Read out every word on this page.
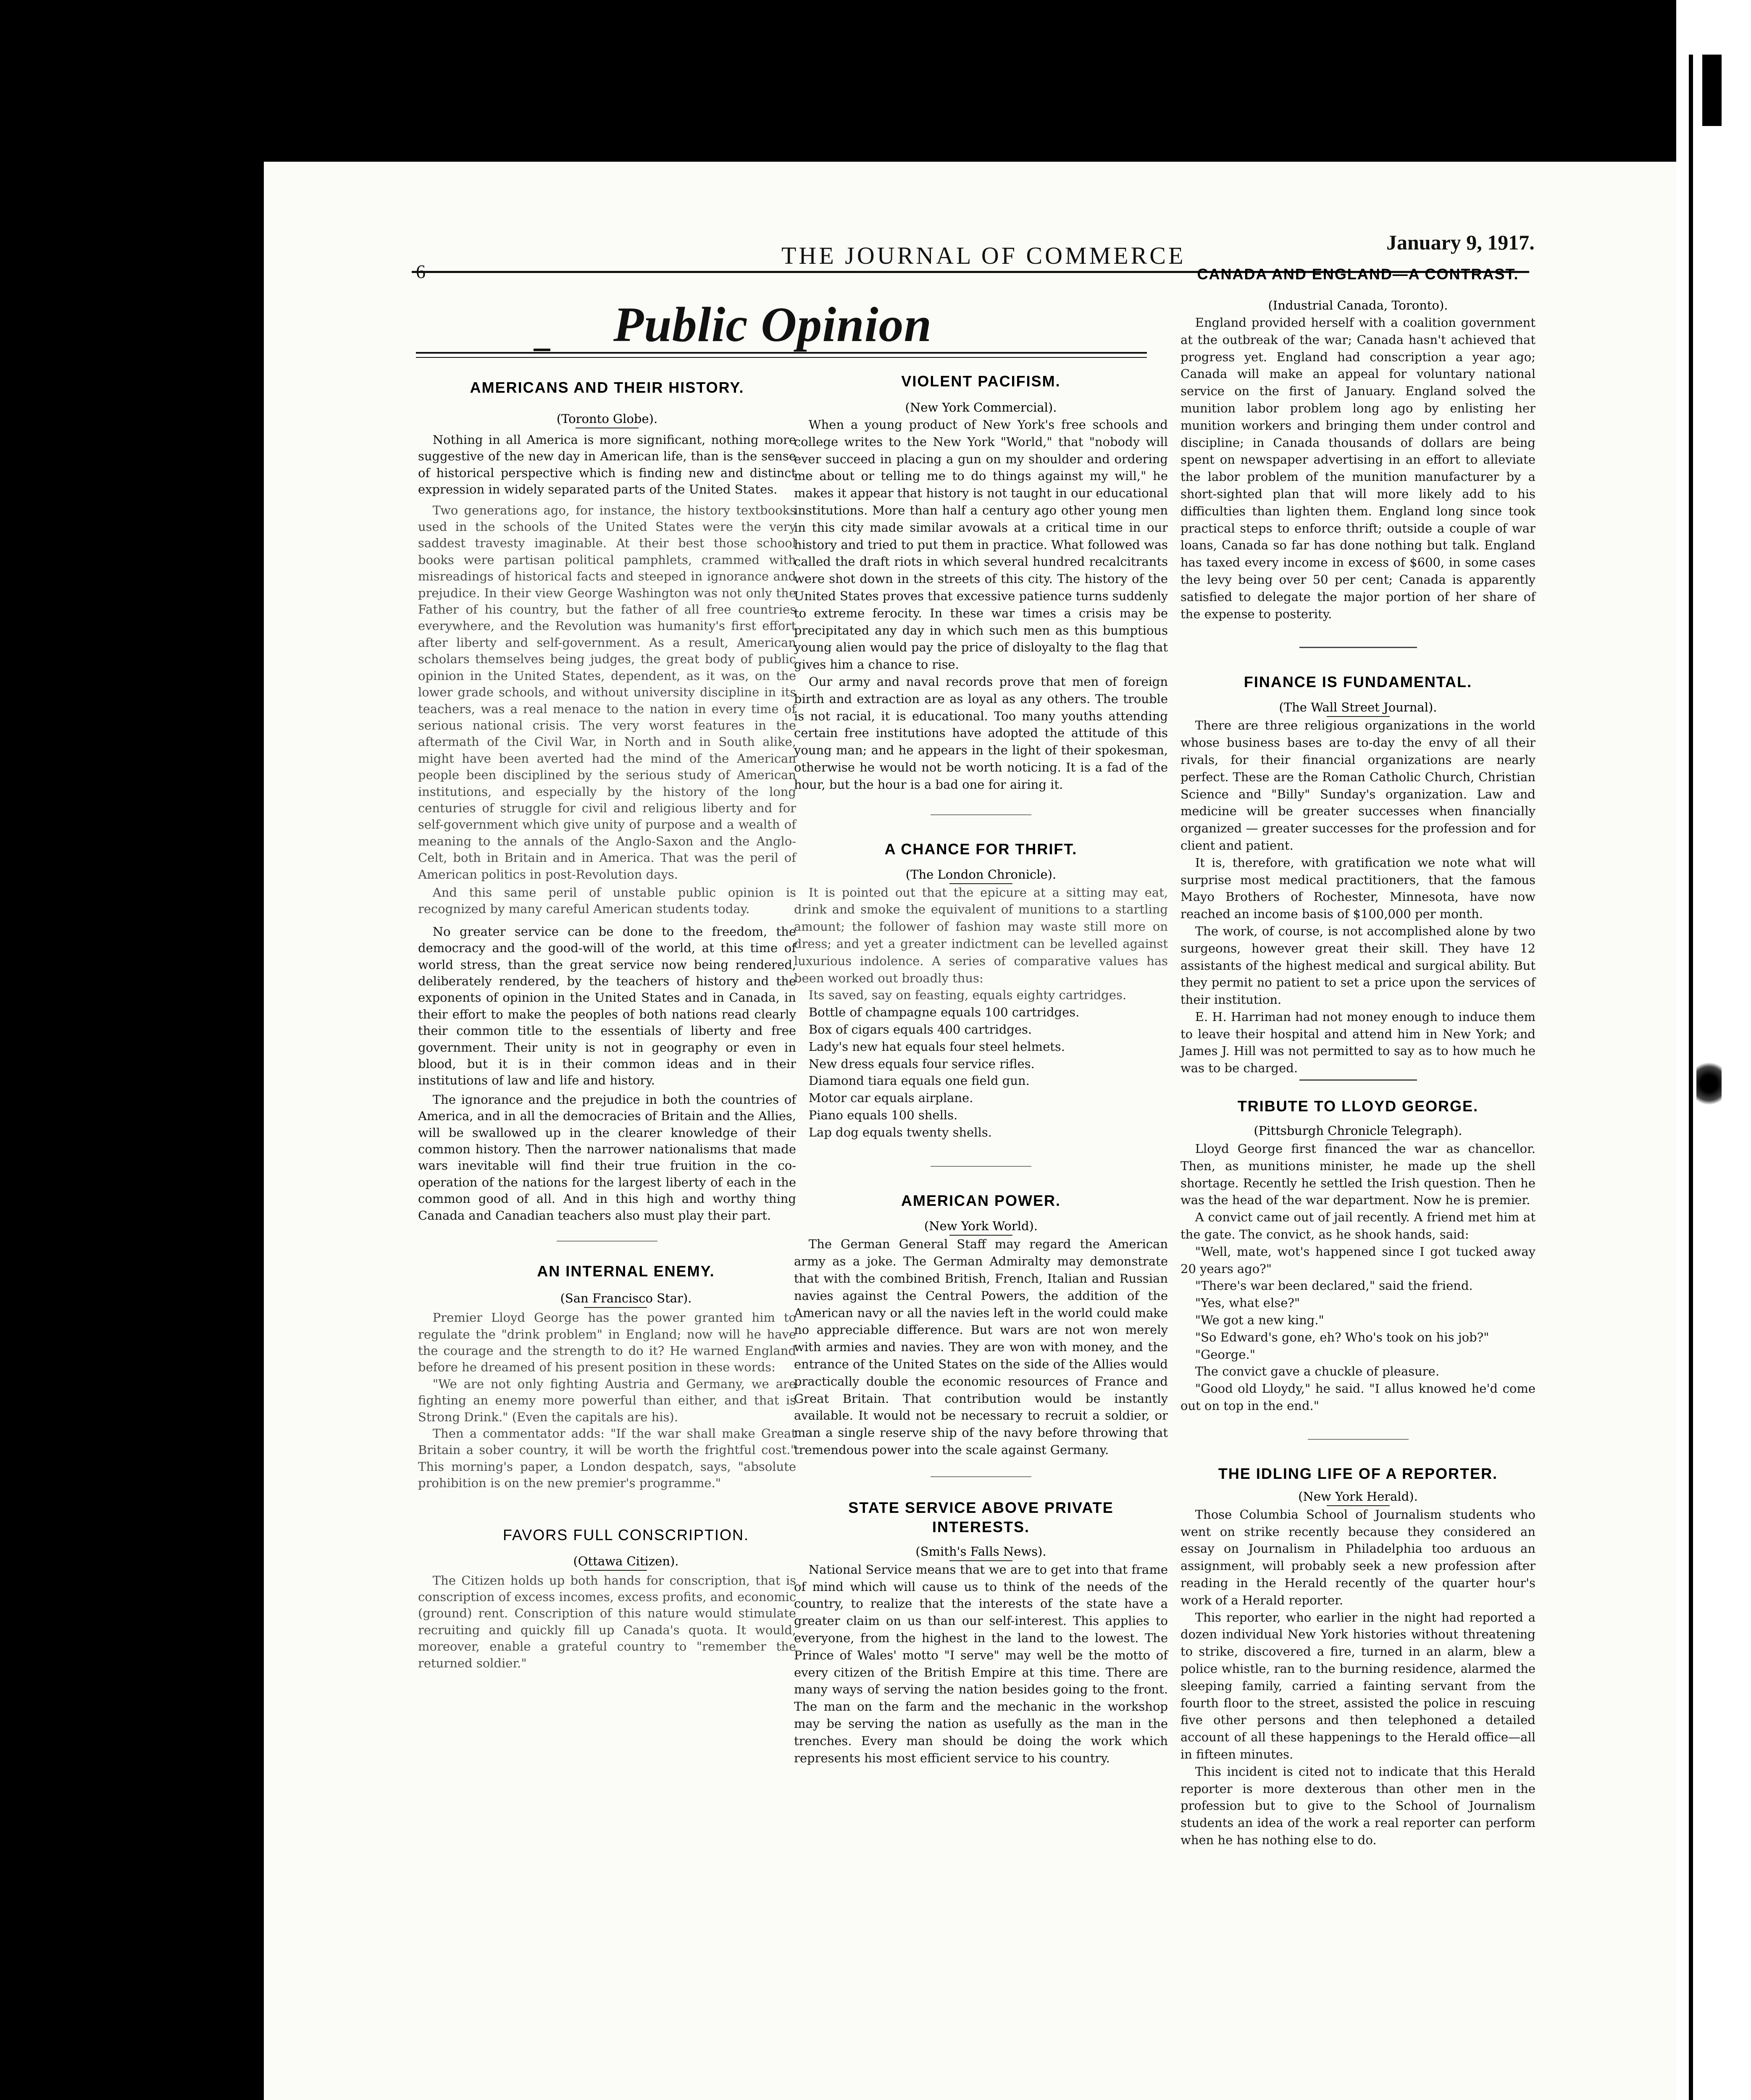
THE JOURNAL OF COMMERCE	January 9, 1917.
Public Opinion
AMERICANS AND THEIR HISTORY.

(Toronto Globe).

Nothing in all America is more significant, nothing more suggestive of the new day in American life, than is the sense of historical perspective which is finding new and distinct expression in widely separated parts of the United States.

Two generations ago, for instance, the history textbooks used in the schools of the United States were the very saddest travesty imaginable. At their best those school books were partisan political pamphlets, crammed with misreadings of historical facts and steeped in ignorance and prejudice. In their view George Washington was not only the Father of his country, but the father of all free countries everywhere, and the Revolution was humanity's first effort after liberty and self-government. As a result, American scholars themselves being judges, the great body of public opinion in the United States, dependent, as it was, on the lower grade schools, and without university discipline in its teachers, was a real menace to the nation in every time of serious national crisis. The very worst features in the aftermath of the Civil War, in North and in South alike, might have been averted had the mind of the American people been disciplined by the serious study of American institutions, and especially by the history of the long centuries of struggle for civil and religious liberty and for self-government which give unity of purpose and a wealth of meaning to the annals of the Anglo-Saxon and the Anglo-Celt, both in Britain and in America. That was the peril of American politics in post-Revolution days.

And this same peril of unstable public opinion is recognized by many careful American students today.

No greater service can be done to the freedom, the democracy and the good-will of the world, at this time of world stress, than the great service now being rendered, deliberately rendered, by the teachers of history and the exponents of opinion in the United States and in Canada, in their effort to make the peoples of both nations read clearly their common title to the essentials of liberty and free government. Their unity is not in geography or even in blood, but it is in their common ideas and in their institutions of law and life and history.

The ignorance and the prejudice in both the countries of America, and in all the democracies of Britain and the Allies, will be swallowed up in the clearer knowledge of their common history. Then the narrower nationalisms that made wars inevitable will find their true fruition in the co-operation of the nations for the largest liberty of each in the common good of all. And in this high and worthy thing Canada and Canadian teachers also must play their part.

AN INTERNAL ENEMY.

(San Francisco Star).

Premier Lloyd George has the power granted him to regulate the "drink problem" in England; now will he have the courage and the strength to do it? He warned England before he dreamed of his present position in these words:

"We are not only fighting Austria and Germany, we are fighting an enemy more powerful than either, and that is Strong Drink." (Even the capitals are his).

Then a commentator adds: "If the war shall make Great Britain a sober country, it will be worth the frightful cost." This morning's paper, a London despatch, says, "absolute prohibition is on the new premier's programme."

FAVORS FULL CONSCRIPTION.

(Ottawa Citizen).

The Citizen holds up both hands for conscription, that is conscription of excess incomes, excess profits, and economic (ground) rent. Conscription of this nature would stimulate recruiting and quickly fill up Canada's quota. It would, moreover, enable a grateful country to "remember the returned soldier."

VIOLENT PACIFISM.

(New York Commercial).

When a young product of New York's free schools and college writes to the New York "World," that "nobody will ever succeed in placing a gun on my shoulder and ordering me about or telling me to do things against my will," he makes it appear that history is not taught in our educational institutions. More than half a century ago other young men in this city made similar avowals at a critical time in our history and tried to put them in practice. What followed was called the draft riots in which several hundred recalcitrants were shot down in the streets of this city. The history of the United States proves that excessive patience turns suddenly to extreme ferocity. In these war times a crisis may be precipitated any day in which such men as this bumptious young alien would pay the price of disloyalty to the flag that gives him a chance to rise.

Our army and naval records prove that men of foreign birth and extraction are as loyal as any others. The trouble is not racial, it is educational. Too many youths attending certain free institutions have adopted the attitude of this young man; and he appears in the light of their spokesman, otherwise he would not be worth noticing. It is a fad of the hour, but the hour is a bad one for airing it.

A CHANCE FOR THRIFT.

(The London Chronicle).

It is pointed out that the epicure at a sitting may eat, drink and smoke the equivalent of munitions to a startling amount; the follower of fashion may waste still more on dress; and yet a greater indictment can be levelled against luxurious indolence. A series of comparative values has been worked out broadly thus:

Its saved, say on feasting, equals eighty cartridges.

Bottle of champagne equals 100 cartridges.

Box of cigars equals 400 cartridges.

Lady's new hat equals four steel helmets.

New dress equals four service rifles.

Diamond tiara equals one field gun.

Motor car equals airplane.

Piano equals 100 shells.

Lap dog equals twenty shells.

AMERICAN POWER.

(New York World).

The German General Staff may regard the American army as a joke. The German Admiralty may demonstrate that with the combined British, French, Italian and Russian navies against the Central Powers, the addition of the American navy or all the navies left in the world could make no appreciable difference. But wars are not won merely with armies and navies. They are won with money, and the entrance of the United States on the side of the Allies would practically double the economic resources of France and Great Britain. That contribution would be instantly available. It would not be necessary to recruit a soldier, or man a single reserve ship of the navy before throwing that tremendous power into the scale against Germany.

STATE SERVICE ABOVE PRIVATE INTERESTS.

(Smith's Falls News).

National Service means that we are to get into that frame of mind which will cause us to think of the needs of the country, to realize that the interests of the state have a greater claim on us than our self-interest. This applies to everyone, from the highest in the land to the lowest. The Prince of Wales' motto "I serve" may well be the motto of every citizen of the British Empire at this time. There are many ways of serving the nation besides going to the front. The man on the farm and the mechanic in the workshop may be serving the nation as usefully as the man in the trenches. Every man should be doing the work which represents his most efficient service to his country.

CANADA AND ENGLAND—A CONTRAST.

(Industrial Canada, Toronto).

England provided herself with a coalition government at the outbreak of the war; Canada hasn't achieved that progress yet. England had conscription a year ago; Canada will make an appeal for voluntary national service on the first of January. England solved the munition labor problem long ago by enlisting her munition workers and bringing them under control and discipline; in Canada thousands of dollars are being spent on newspaper advertising in an effort to alleviate the labor problem of the munition manufacturer by a short-sighted plan that will more likely add to his difficulties than lighten them. England long since took practical steps to enforce thrift; outside a couple of war loans, Canada so far has done nothing but talk. England has taxed every income in excess of $600, in some cases the levy being over 50 per cent; Canada is apparently satisfied to delegate the major portion of her share of the expense to posterity.

FINANCE IS FUNDAMENTAL.

(The Wall Street Journal).

There are three religious organizations in the world whose business bases are to-day the envy of all their rivals, for their financial organizations are nearly perfect. These are the Roman Catholic Church, Christian Science and "Billy" Sunday's organization. Law and medicine will be greater successes when financially organized — greater successes for the profession and for client and patient.

It is, therefore, with gratification we note what will surprise most medical practitioners, that the famous Mayo Brothers of Rochester, Minnesota, have now reached an income basis of $100,000 per month.

The work, of course, is not accomplished alone by two surgeons, however great their skill. They have 12 assistants of the highest medical and surgical ability. But they permit no patient to set a price upon the services of their institution.

E. H. Harriman had not money enough to induce them to leave their hospital and attend him in New York; and James J. Hill was not permitted to say as to how much he was to be charged.

TRIBUTE TO LLOYD GEORGE.

(Pittsburgh Chronicle Telegraph).

Lloyd George first financed the war as chancellor. Then, as munitions minister, he made up the shell shortage. Recently he settled the Irish question. Then he was the head of the war department. Now he is premier.

A convict came out of jail recently. A friend met him at the gate. The convict, as he shook hands, said:

"Well, mate, wot's happened since I got tucked away 20 years ago?"

"There's war been declared," said the friend.

"Yes, what else?"

"We got a new king."

"So Edward's gone, eh? Who's took on his job?"

"George."

The convict gave a chuckle of pleasure.

"Good old Lloydy," he said. "I allus knowed he'd come out on top in the end."

THE IDLING LIFE OF A REPORTER.

(New York Herald).

Those Columbia School of Journalism students who went on strike recently because they considered an essay on Journalism in Philadelphia too arduous an assignment, will probably seek a new profession after reading in the Herald recently of the quarter hour's work of a Herald reporter.

This reporter, who earlier in the night had reported a dozen individual New York histories without threatening to strike, discovered a fire, turned in an alarm, blew a police whistle, ran to the burning residence, alarmed the sleeping family, carried a fainting servant from the fourth floor to the street, assisted the police in rescuing five other persons and then telephoned a detailed account of all these happenings to the Herald office—all in fifteen minutes.

This incident is cited not to indicate that this Herald reporter is more dexterous than other men in the profession but to give to the School of Journalism students an idea of the work a real reporter can perform when he has nothing else to do.
